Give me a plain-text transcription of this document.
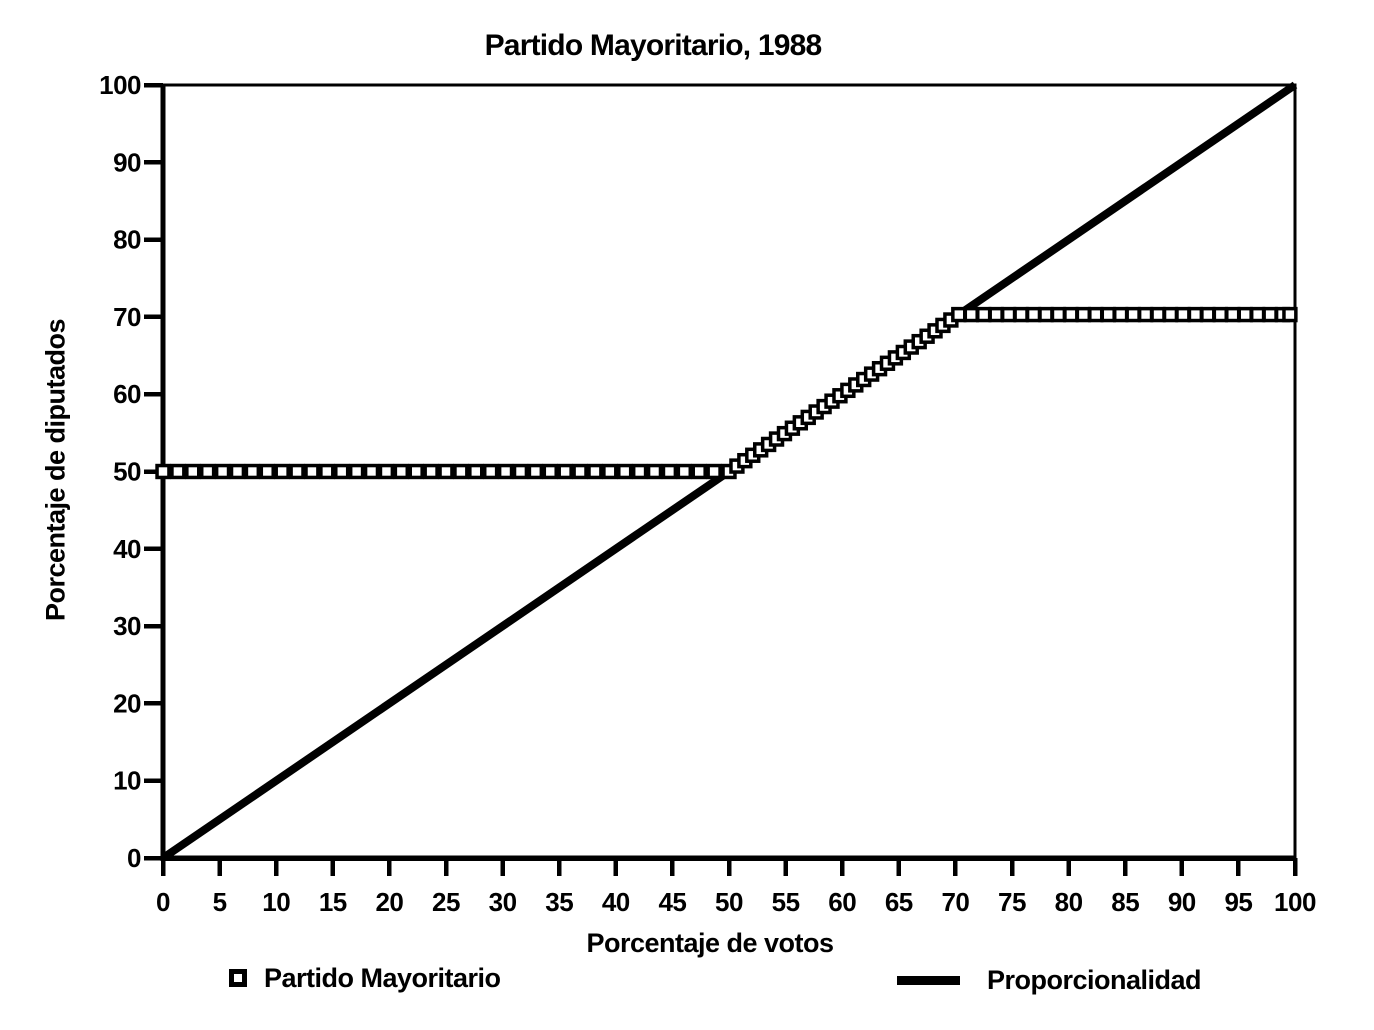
Partido Mayoritario, 1988
0 5 10 15 20 25 30 35 40 45 50 55 60 65 70 75 80 85 90 95 100
0
10
20
30
40
50
60
70
80
90
100
Porcentaje de votos
Porcentaje de diputados
Partido Mayoritario	Proporcionalidad
